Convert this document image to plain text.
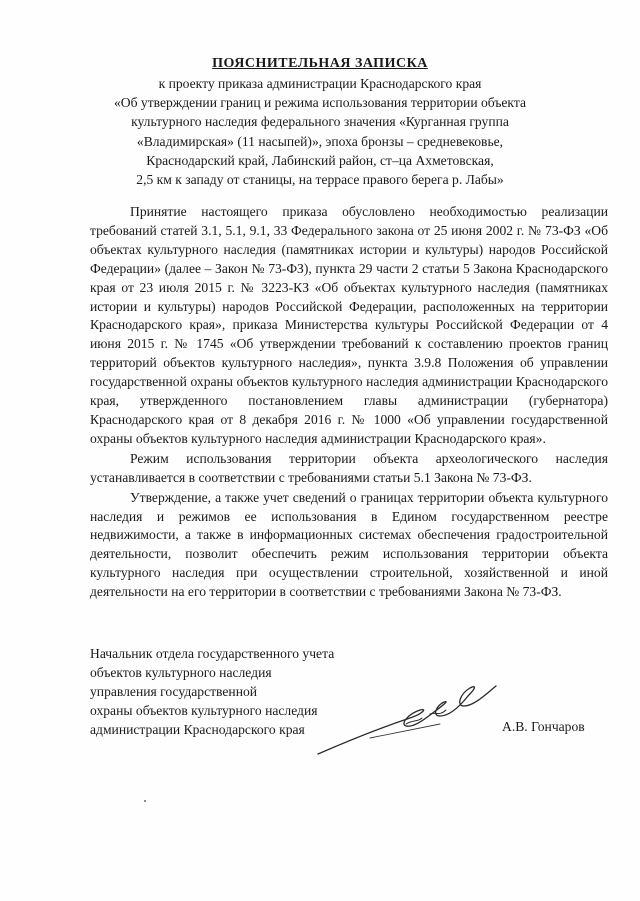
ПОЯСНИТЕЛЬНАЯ ЗАПИСКА
к проекту приказа администрации Краснодарского края
«Об утверждении границ и режима использования территории объекта
культурного наследия федерального значения «Курганная группа
«Владимирская» (11 насыпей)», эпоха бронзы – средневековье,
Краснодарский край, Лабинский район, ст–ца Ахметовская,
2,5 км к западу от станицы, на террасе правого берега р. Лабы»

Принятие настоящего приказа обусловлено необходимостью реализации требований статей 3.1, 5.1, 9.1, 33 Федерального закона от 25 июня 2002 г. № 73-ФЗ «Об объектах культурного наследия (памятниках истории и культуры) народов Российской Федерации» (далее – Закон № 73-ФЗ), пункта 29 части 2 статьи 5 Закона Краснодарского края от 23 июля 2015 г. № 3223-КЗ «Об объектах культурного наследия (памятниках истории и культуры) народов Российской Федерации, расположенных на территории Краснодарского края», приказа Министерства культуры Российской Федерации от 4 июня 2015 г. № 1745 «Об утверждении требований к составлению проектов границ территорий объектов культурного наследия», пункта 3.9.8 Положения об управлении государственной охраны объектов культурного наследия администрации Краснодарского края, утвержденного постановлением главы администрации (губернатора) Краснодарского края от 8 декабря 2016 г. № 1000 «Об управлении государственной охраны объектов культурного наследия администрации Краснодарского края».

Режим использования территории объекта археологического наследия устанавливается в соответствии с требованиями статьи 5.1 Закона № 73-ФЗ.

Утверждение, а также учет сведений о границах территории объекта культурного наследия и режимов ее использования в Едином государственном реестре недвижимости, а также в информационных системах обеспечения градостроительной деятельности, позволит обеспечить режим использования территории объекта культурного наследия при осуществлении строительной, хозяйственной и иной деятельности на его территории в соответствии с требованиями Закона № 73-ФЗ.

Начальник отдела государственного учета
объектов культурного наследия
управления государственной
охраны объектов культурного наследия
администрации Краснодарского края	А.В. Гончаров
